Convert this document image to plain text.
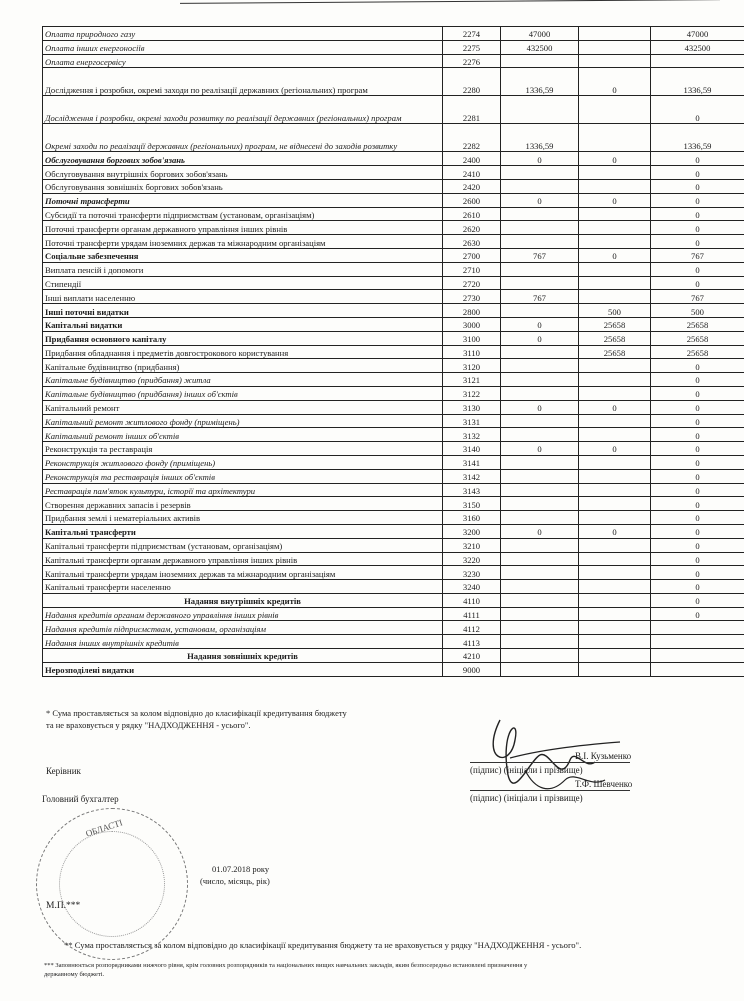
Оплата природного газу	2274	47000		47000
Оплата інших енергоносіїв	2275	432500		432500
Оплата енергосервісу	2276			
Дослідження і розробки, окремі заходи по реалізації державних (регіональних) програм	2280	1336,59	0	1336,59
Дослідження і розробки, окремі заходи розвитку по реалізації державних (регіональних) програм	2281			0
Окремі заходи по реалізації державних (регіональних) програм, не віднесені до заходів розвитку	2282	1336,59		1336,59
Обслуговування боргових зобов'язань	2400	0	0	0
Обслуговування внутрішніх боргових зобов'язань	2410			0
Обслуговування зовнішніх боргових зобов'язань	2420			0
Поточні трансферти	2600	0	0	0
Субсидії та поточні трансферти підприємствам (установам, організаціям)	2610			0
Поточні трансферти органам державного управління інших рівнів	2620			0
Поточні трансферти урядам іноземних держав та міжнародним організаціям	2630			0
Соціальне забезпечення	2700	767	0	767
Виплата пенсій і допомоги	2710			0
Стипендії	2720			0
Інші виплати населенню	2730	767		767
Інші поточні видатки	2800		500	500
Капітальні видатки	3000	0	25658	25658
Придбання основного капіталу	3100	0	25658	25658
Придбання обладнання і предметів довгострокового користування	3110		25658	25658
Капітальне будівництво (придбання)	3120			0
Капітальне будівництво (придбання) житла	3121			0
Капітальне будівництво (придбання) інших об'єктів	3122			0
Капітальний ремонт	3130	0	0	0
Капітальний ремонт житлового фонду (приміщень)	3131			0
Капітальний ремонт інших об'єктів	3132			0
Реконструкція та реставрація	3140	0	0	0
Реконструкція житлового фонду (приміщень)	3141			0
Реконструкція та реставрація інших об'єктів	3142			0
Реставрація пам'яток культури, історії та архітектури	3143			0
Створення державних запасів і резервів	3150			0
Придбання землі і нематеріальних активів	3160			0
Капітальні трансферти	3200	0	0	0
Капітальні трансферти підприємствам (установам, організаціям)	3210			0
Капітальні трансферти органам державного управління інших рівнів	3220			0
Капітальні трансферти урядам іноземних держав та міжнародним організаціям	3230			0
Капітальні трансферти населенню	3240			0
Надання внутрішніх кредитів	4110			0
Надання кредитів органам державного управління інших рівнів	4111			0
Надання кредитів підприємствам, установам, організаціям	4112			
Надання інших внутрішніх кредитів	4113			
Надання зовнішніх кредитів	4210			
Нерозподілені видатки	9000			
* Сума проставляється за колом відповідно до класифікації кредитування бюджету
та не враховується у рядку "НАДХОДЖЕННЯ - усього".
Керівник
В.І. Кузьменко
(підпис) (ініціали і прізвище)
Головний бухгалтер
Т.Ф. Шевченко
(підпис) (ініціали і прізвище)
ОБЛАСТІ
М.П.***
01.07.2018 року
(число, місяць, рік)
** Сума проставляється за колом відповідно до класифікації кредитування бюджету та не враховується у рядку "НАДХОДЖЕННЯ - усього".
*** Заповнюється розпорядниками нижчого рівня, крім головних розпорядників та національних вищих навчальних закладів, яким безпосередньо встановлені призначення у
державному бюджеті.
